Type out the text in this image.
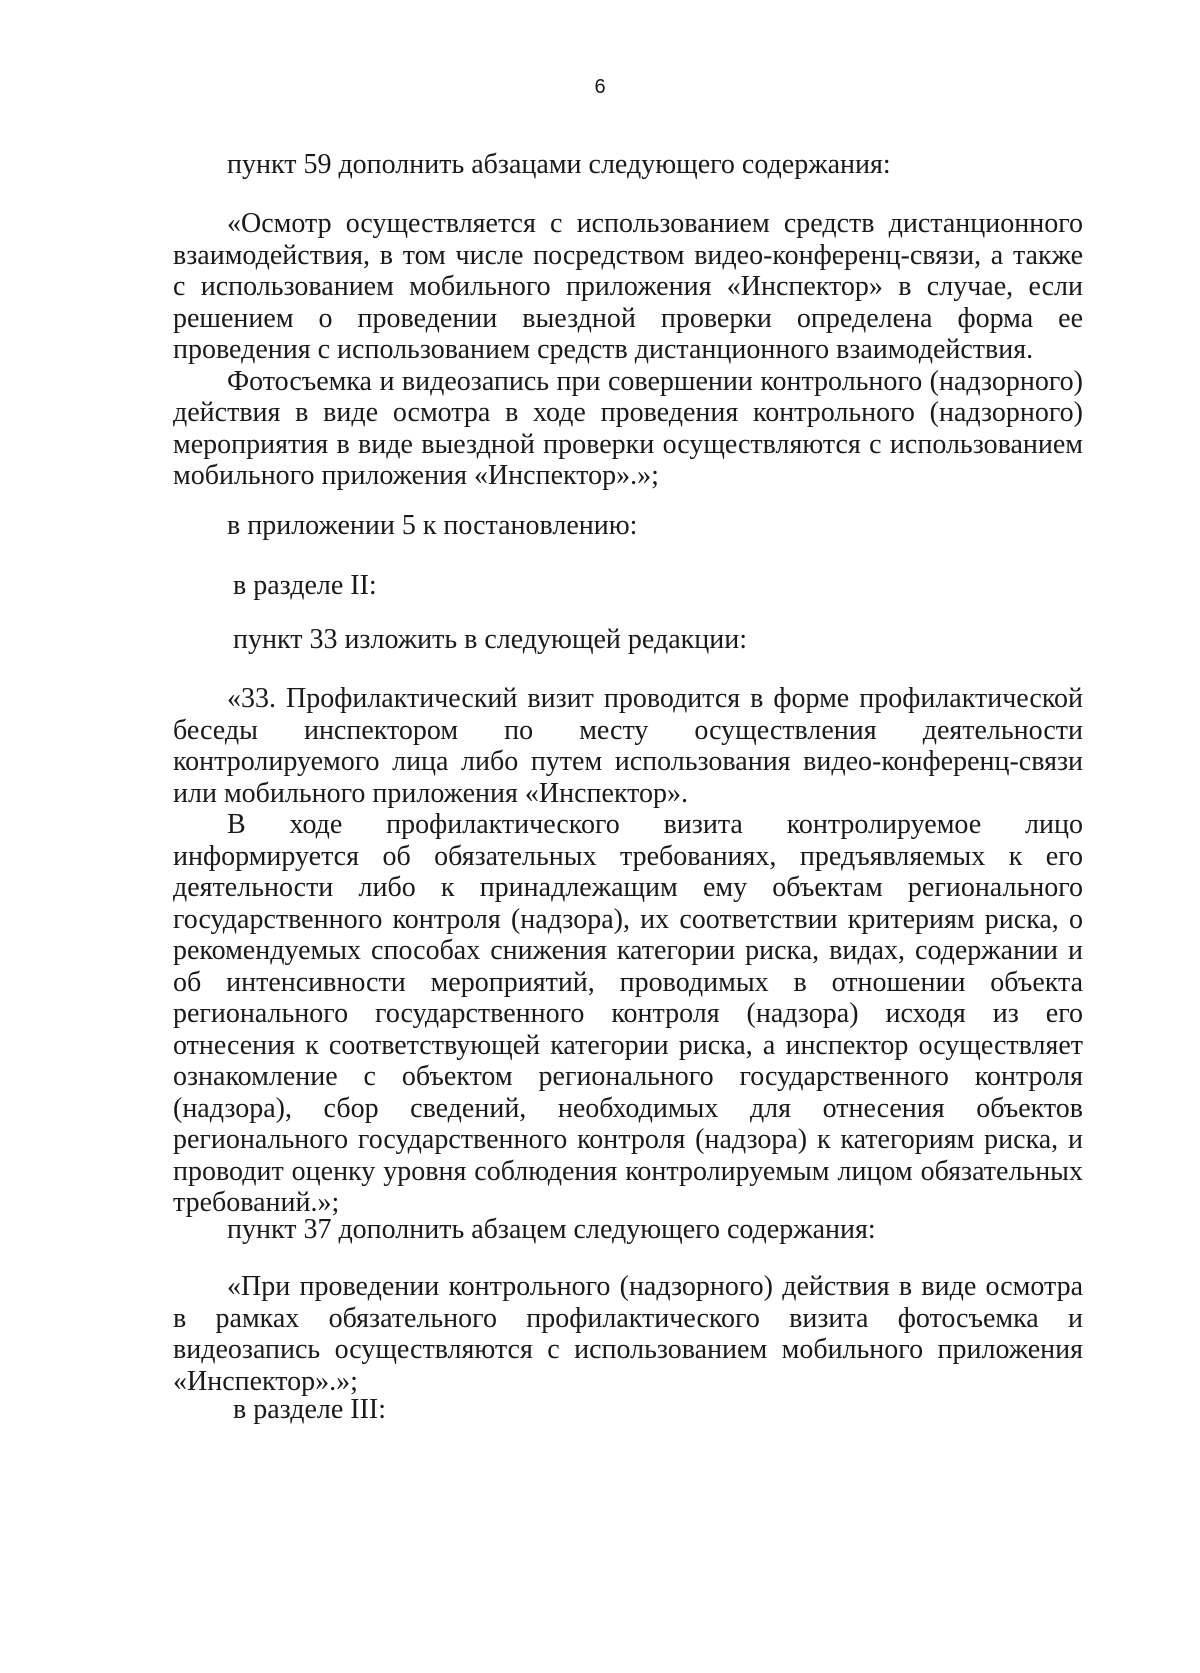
6

пункт 59 дополнить абзацами следующего содержания:

«Осмотр осуществляется с использованием средств дистанционного взаимодействия, в том числе посредством видео-конференц-связи, а также с использованием мобильного приложения «Инспектор» в случае, если решением о проведении выездной проверки определена форма ее проведения с использованием средств дистанционного взаимодействия.

Фотосъемка и видеозапись при совершении контрольного (надзорного) действия в виде осмотра в ходе проведения контрольного (надзорного) мероприятия в виде выездной проверки осуществляются с использованием мобильного приложения «Инспектор».»;

в приложении 5 к постановлению:

в разделе II:

пункт 33 изложить в следующей редакции:

«33. Профилактический визит проводится в форме профилактической беседы инспектором по месту осуществления деятельности контролируемого лица либо путем использования видео-конференц-связи или мобильного приложения «Инспектор».

В ходе профилактического визита контролируемое лицо информируется об обязательных требованиях, предъявляемых к его деятельности либо к принадлежащим ему объектам регионального государственного контроля (надзора), их соответствии критериям риска, о рекомендуемых способах снижения категории риска, видах, содержании и об интенсивности мероприятий, проводимых в отношении объекта регионального государственного контроля (надзора) исходя из его отнесения к соответствующей категории риска, а инспектор осуществляет ознакомление с объектом регионального государственного контроля (надзора), сбор сведений, необходимых для отнесения объектов регионального государственного контроля (надзора) к категориям риска, и проводит оценку уровня соблюдения контролируемым лицом обязательных требований.»;

пункт 37 дополнить абзацем следующего содержания:

«При проведении контрольного (надзорного) действия в виде осмотра в рамках обязательного профилактического визита фотосъемка и видеозапись осуществляются с использованием мобильного приложения «Инспектор».»;

в разделе III:
